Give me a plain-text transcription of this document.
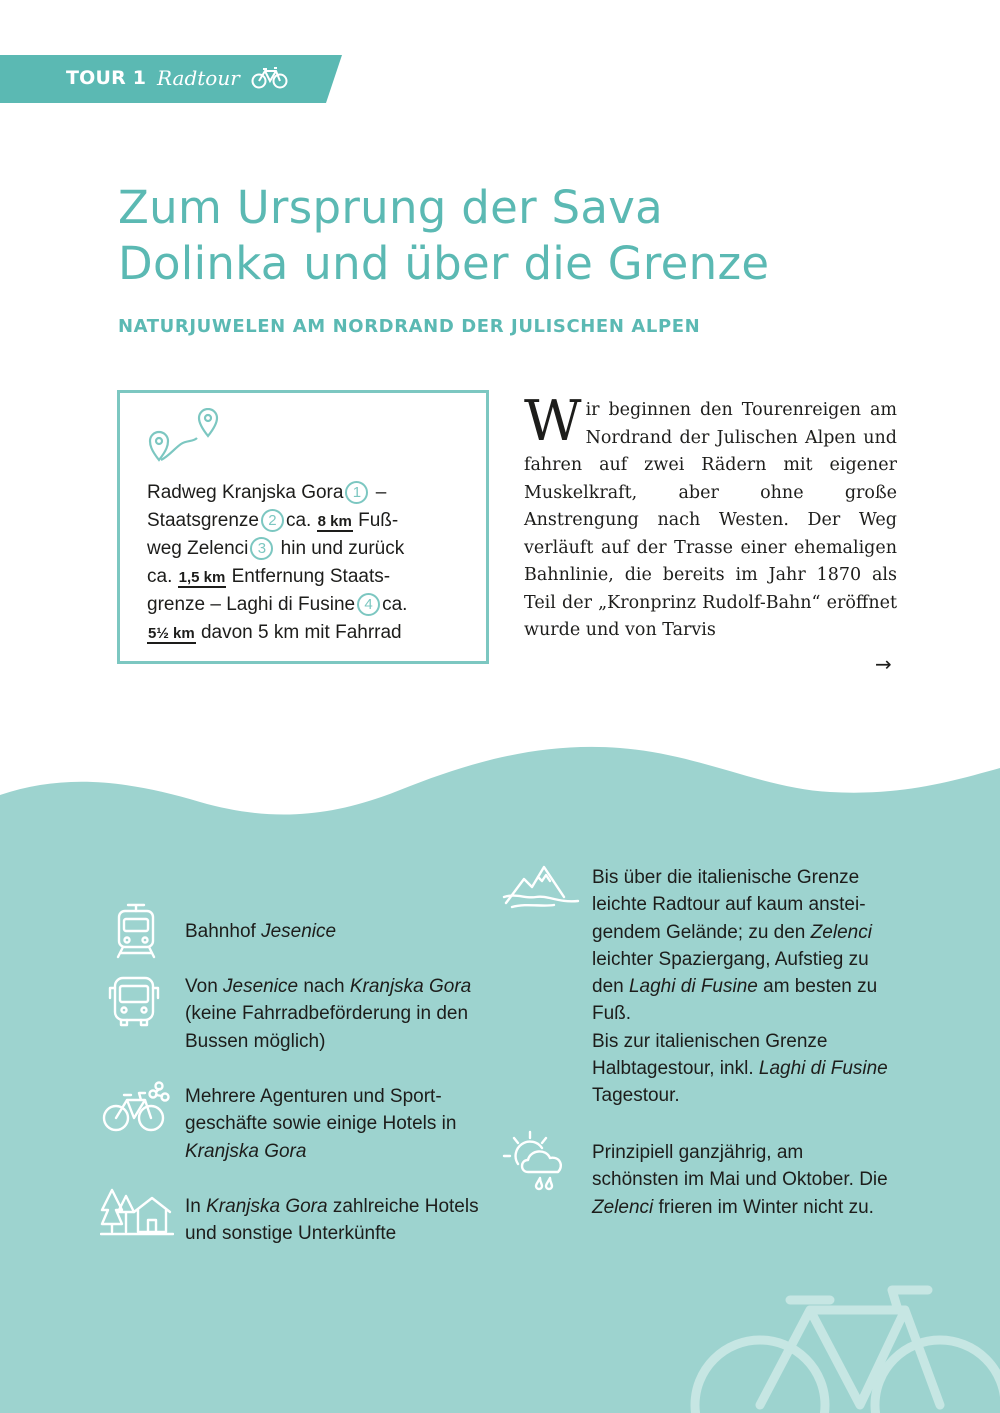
TOUR 1 Radtour
Zum Ursprung der Sava
Dolinka und über die Grenze
NATURJUWELEN AM NORDRAND DER JULISCHEN ALPEN
Radweg Kranjska Gora 1 –
Staatsgrenze 2 ca. 8 km Fuß-
weg Zelenci 3 hin und zurück
ca. 1,5 km Entfernung Staats-
grenze – Laghi di Fusine 4 ca.
5½ km davon 5 km mit Fahrrad
Wir beginnen den Tourenreigen am Nordrand der Julischen Alpen und fahren auf zwei Rädern mit eigener Muskelkraft, aber ohne große Anstrengung nach Westen. Der Weg verläuft auf der Trasse einer ehemaligen Bahnlinie, die bereits im Jahr 1870 als Teil der „Kronprinz Rudolf-Bahn“ eröffnet wurde und von Tarvis
→
Bahnhof Jesenice
Von Jesenice nach Kranjska Gora (keine Fahrradbeförderung in den Bussen möglich)
Mehrere Agenturen und Sport-geschäfte sowie einige Hotels in Kranjska Gora
In Kranjska Gora zahlreiche Hotels und sonstige Unterkünfte
Bis über die italienische Grenze leichte Radtour auf kaum anstei-gendem Gelände; zu den Zelenci leichter Spaziergang, Aufstieg zu den Laghi di Fusine am besten zu Fuß.
Bis zur italienischen Grenze Halbtagestour, inkl. Laghi di Fusine Tagestour.
Prinzipiell ganzjährig, am schönsten im Mai und Oktober. Die Zelenci frieren im Winter nicht zu.
